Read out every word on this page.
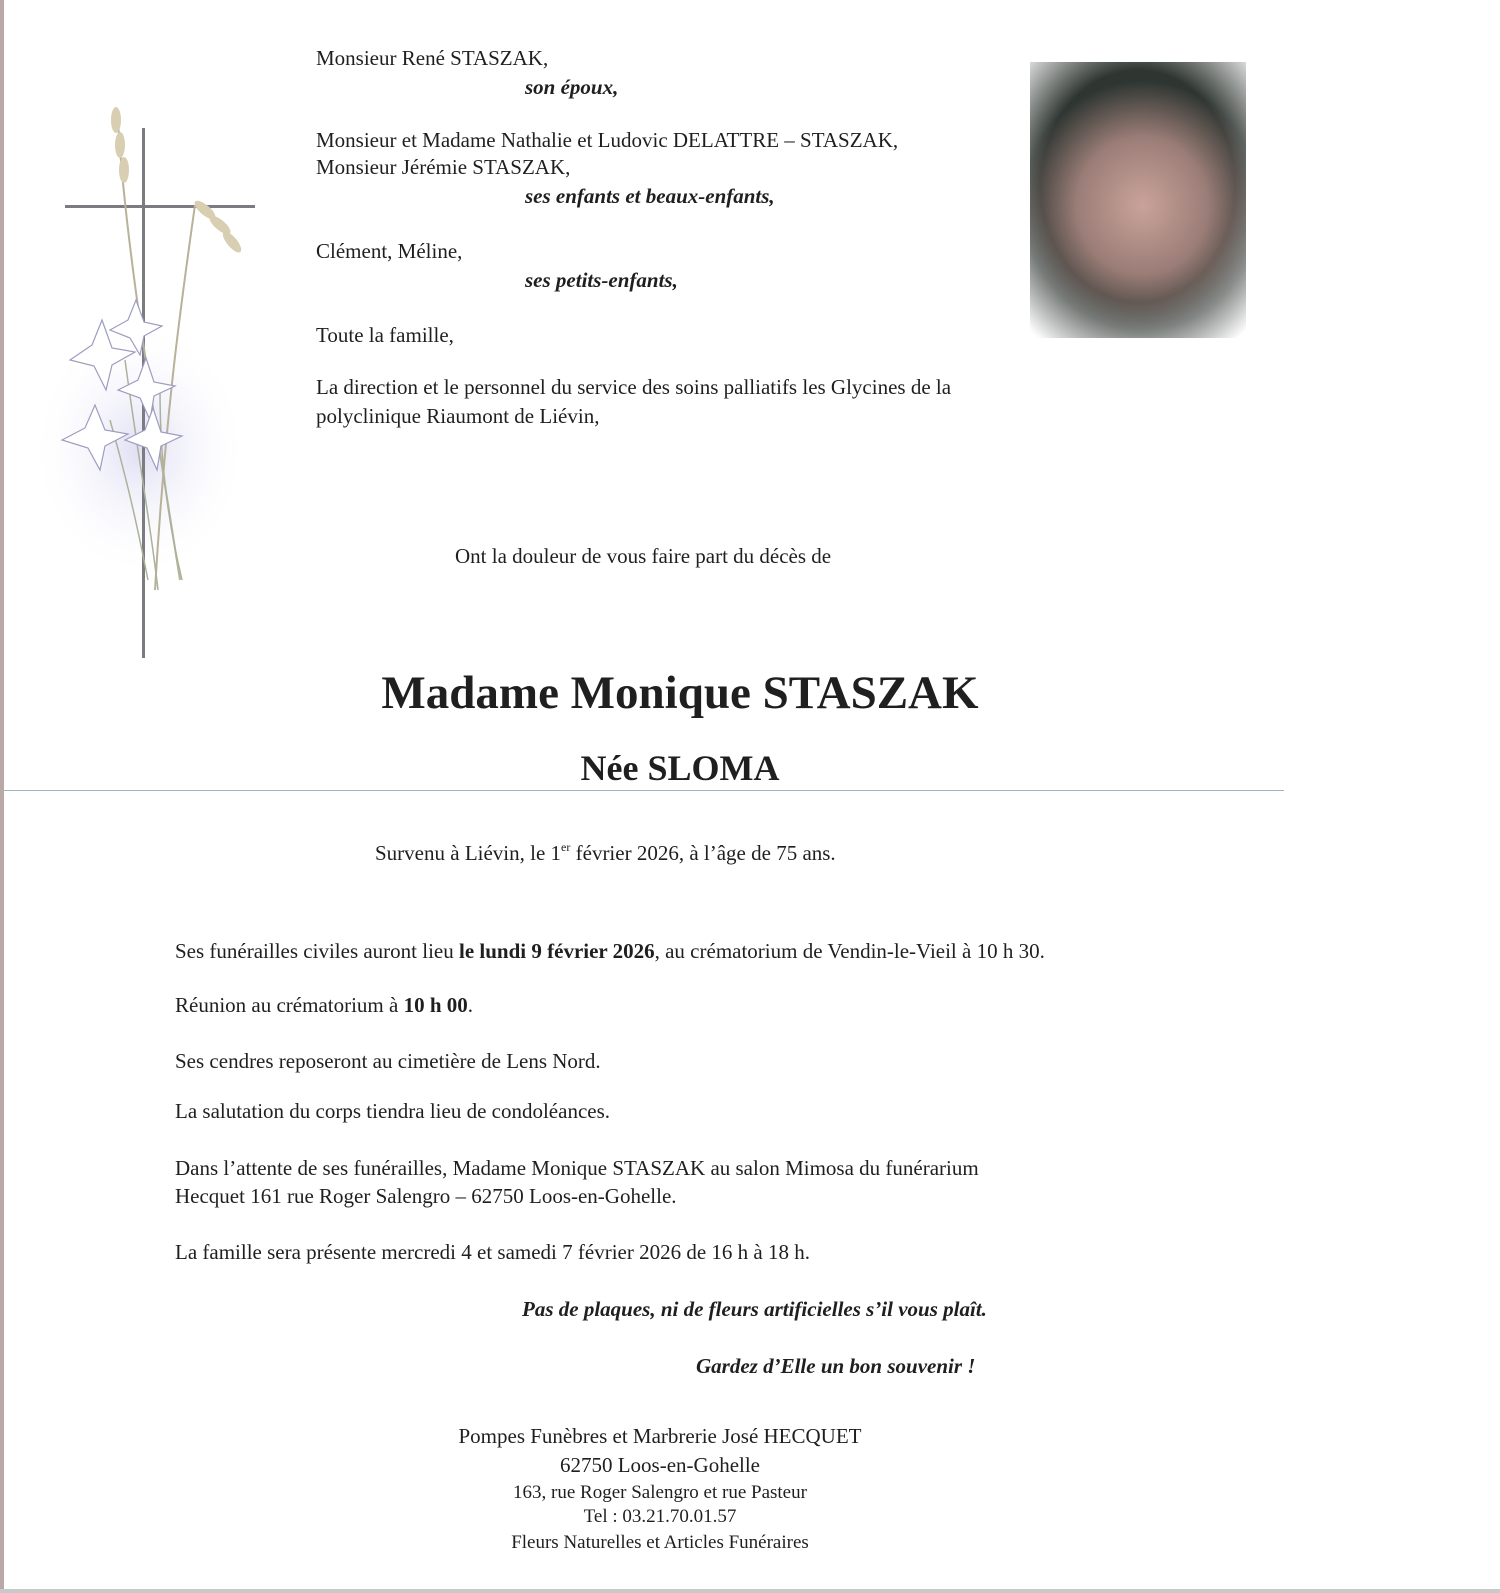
Monsieur René STASZAK,
son époux,
Monsieur et Madame Nathalie et Ludovic DELATTRE – STASZAK,
Monsieur Jérémie STASZAK,
ses enfants et beaux-enfants,
Clément, Méline,
ses petits-enfants,
Toute la famille,
La direction et le personnel du service des soins palliatifs les Glycines de la
polyclinique Riaumont de Liévin,
Ont la douleur de vous faire part du décès de
Madame Monique STASZAK
Née SLOMA
Survenu à Liévin, le 1er février 2026, à l’âge de 75 ans.
Ses funérailles civiles auront lieu le lundi 9 février 2026, au crématorium de Vendin-le-Vieil à 10 h 30.
Réunion au crématorium à 10 h 00.
Ses cendres reposeront au cimetière de Lens Nord.
La salutation du corps tiendra lieu de condoléances.
Dans l’attente de ses funérailles, Madame Monique STASZAK au salon Mimosa du funérarium
Hecquet 161 rue Roger Salengro – 62750 Loos-en-Gohelle.
La famille sera présente mercredi 4 et samedi 7 février 2026 de 16 h à 18 h.
Pas de plaques, ni de fleurs artificielles s’il vous plaît.
Gardez d’Elle un bon souvenir !
Pompes Funèbres et Marbrerie José HECQUET
62750 Loos-en-Gohelle
163, rue Roger Salengro et rue Pasteur
Tel : 03.21.70.01.57
Fleurs Naturelles et Articles Funéraires
